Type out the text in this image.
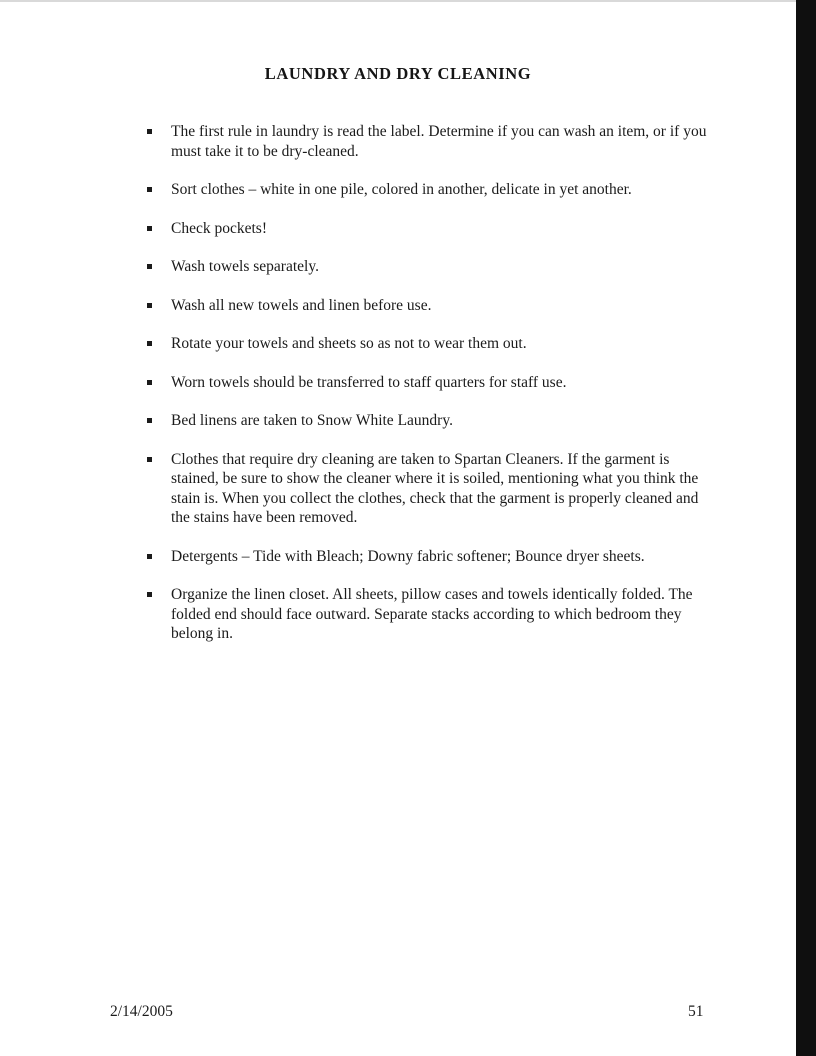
LAUNDRY AND DRY CLEANING
The first rule in laundry is read the label. Determine if you can wash an item, or if you must take it to be dry-cleaned.
Sort clothes – white in one pile, colored in another, delicate in yet another.
Check pockets!
Wash towels separately.
Wash all new towels and linen before use.
Rotate your towels and sheets so as not to wear them out.
Worn towels should be transferred to staff quarters for staff use.
Bed linens are taken to Snow White Laundry.
Clothes that require dry cleaning are taken to Spartan Cleaners. If the garment is stained, be sure to show the cleaner where it is soiled, mentioning what you think the stain is. When you collect the clothes, check that the garment is properly cleaned and the stains have been removed.
Detergents – Tide with Bleach; Downy fabric softener; Bounce dryer sheets.
Organize the linen closet. All sheets, pillow cases and towels identically folded. The folded end should face outward. Separate stacks according to which bedroom they belong in.
2/14/2005	51
